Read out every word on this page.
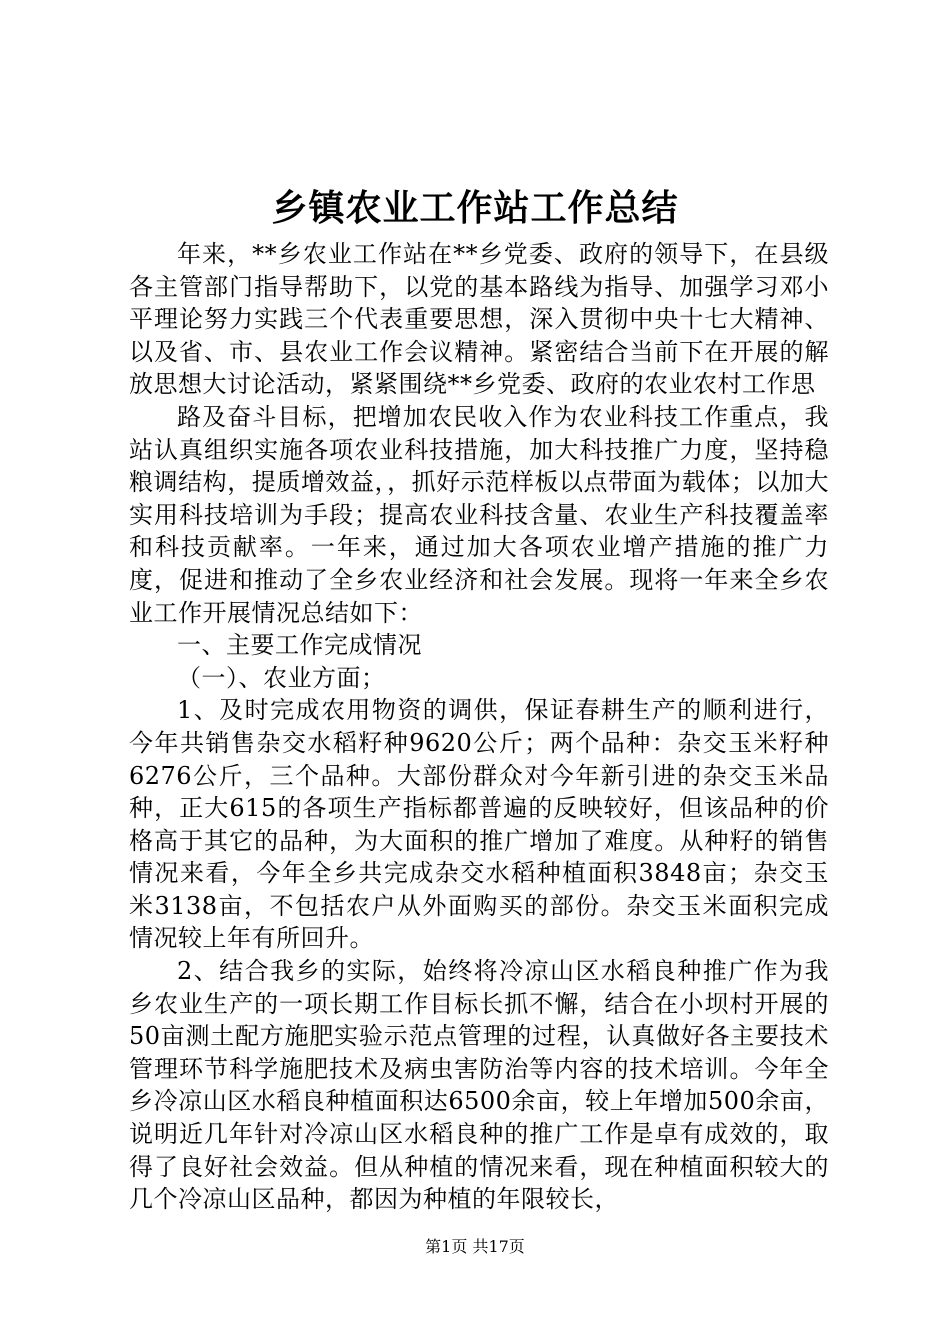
乡镇农业工作站工作总结

年来，**乡农业工作站在**乡党委、政府的领导下，在县级各主管部门指导帮助下，以党的基本路线为指导、加强学习邓小平理论努力实践三个代表重要思想，深入贯彻中央十七大精神、以及省、市、县农业工作会议精神。紧密结合当前下在开展的解放思想大讨论活动，紧紧围绕**乡党委、政府的农业农村工作思

路及奋斗目标，把增加农民收入作为农业科技工作重点，我站认真组织实施各项农业科技措施，加大科技推广力度，坚持稳粮调结构，提质增效益，，抓好示范样板以点带面为载体；以加大实用科技培训为手段；提高农业科技含量、农业生产科技覆盖率和科技贡献率。一年来，通过加大各项农业增产措施的推广力度，促进和推动了全乡农业经济和社会发展。现将一年来全乡农业工作开展情况总结如下：

一、主要工作完成情况

（一）、农业方面；

1、及时完成农用物资的调供，保证春耕生产的顺利进行，今年共销售杂交水稻籽种9620公斤；两个品种：杂交玉米籽种6276公斤，三个品种。大部份群众对今年新引进的杂交玉米品种，正大615的各项生产指标都普遍的反映较好，但该品种的价格高于其它的品种，为大面积的推广增加了难度。从种籽的销售情况来看，今年全乡共完成杂交水稻种植面积3848亩；杂交玉米3138亩，不包括农户从外面购买的部份。杂交玉米面积完成情况较上年有所回升。

2、结合我乡的实际，始终将冷凉山区水稻良种推广作为我乡农业生产的一项长期工作目标长抓不懈，结合在小坝村开展的50亩测土配方施肥实验示范点管理的过程，认真做好各主要技术管理环节科学施肥技术及病虫害防治等内容的技术培训。今年全乡冷凉山区水稻良种植面积达6500余亩，较上年增加500余亩，说明近几年针对冷凉山区水稻良种的推广工作是卓有成效的，取得了良好社会效益。但从种植的情况来看，现在种植面积较大的几个冷凉山区品种，都因为种植的年限较长，

第1页 共17页
